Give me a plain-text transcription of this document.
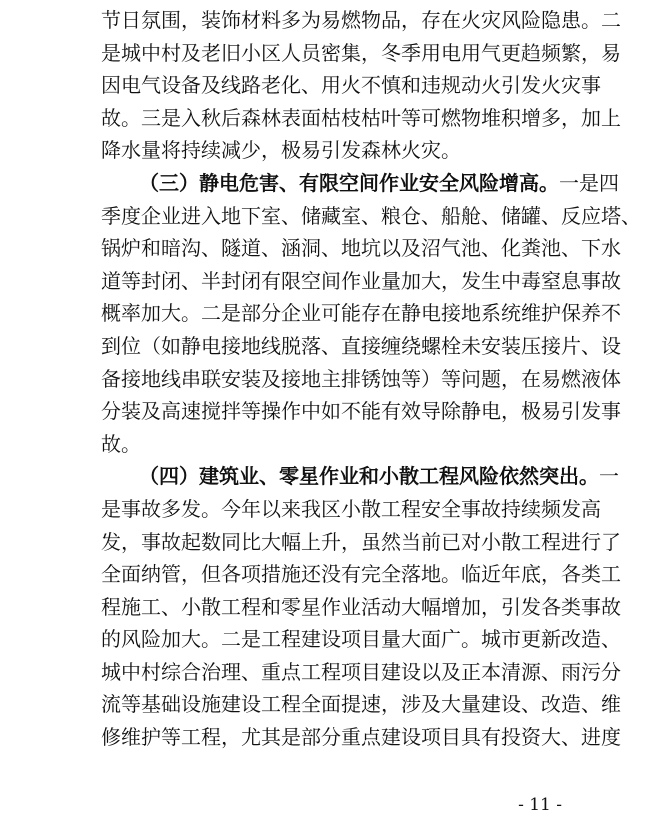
节日氛围，装饰材料多为易燃物品，存在火灾风险隐患。二
是城中村及老旧小区人员密集，冬季用电用气更趋频繁，易
因电气设备及线路老化、用火不慎和违规动火引发火灾事
故。三是入秋后森林表面枯枝枯叶等可燃物堆积增多，加上
降水量将持续减少，极易引发森林火灾。
（三）静电危害、有限空间作业安全风险增高。一是四
季度企业进入地下室、储藏室、粮仓、船舱、储罐、反应塔、
锅炉和暗沟、隧道、涵洞、地坑以及沼气池、化粪池、下水
道等封闭、半封闭有限空间作业量加大，发生中毒窒息事故
概率加大。二是部分企业可能存在静电接地系统维护保养不
到位（如静电接地线脱落、直接缠绕螺栓未安装压接片、设
备接地线串联安装及接地主排锈蚀等）等问题，在易燃液体
分装及高速搅拌等操作中如不能有效导除静电，极易引发事
故。
（四）建筑业、零星作业和小散工程风险依然突出。一
是事故多发。今年以来我区小散工程安全事故持续频发高
发，事故起数同比大幅上升，虽然当前已对小散工程进行了
全面纳管，但各项措施还没有完全落地。临近年底，各类工
程施工、小散工程和零星作业活动大幅增加，引发各类事故
的风险加大。二是工程建设项目量大面广。城市更新改造、
城中村综合治理、重点工程项目建设以及正本清源、雨污分
流等基础设施建设工程全面提速，涉及大量建设、改造、维
修维护等工程，尤其是部分重点建设项目具有投资大、进度
- 11 -
